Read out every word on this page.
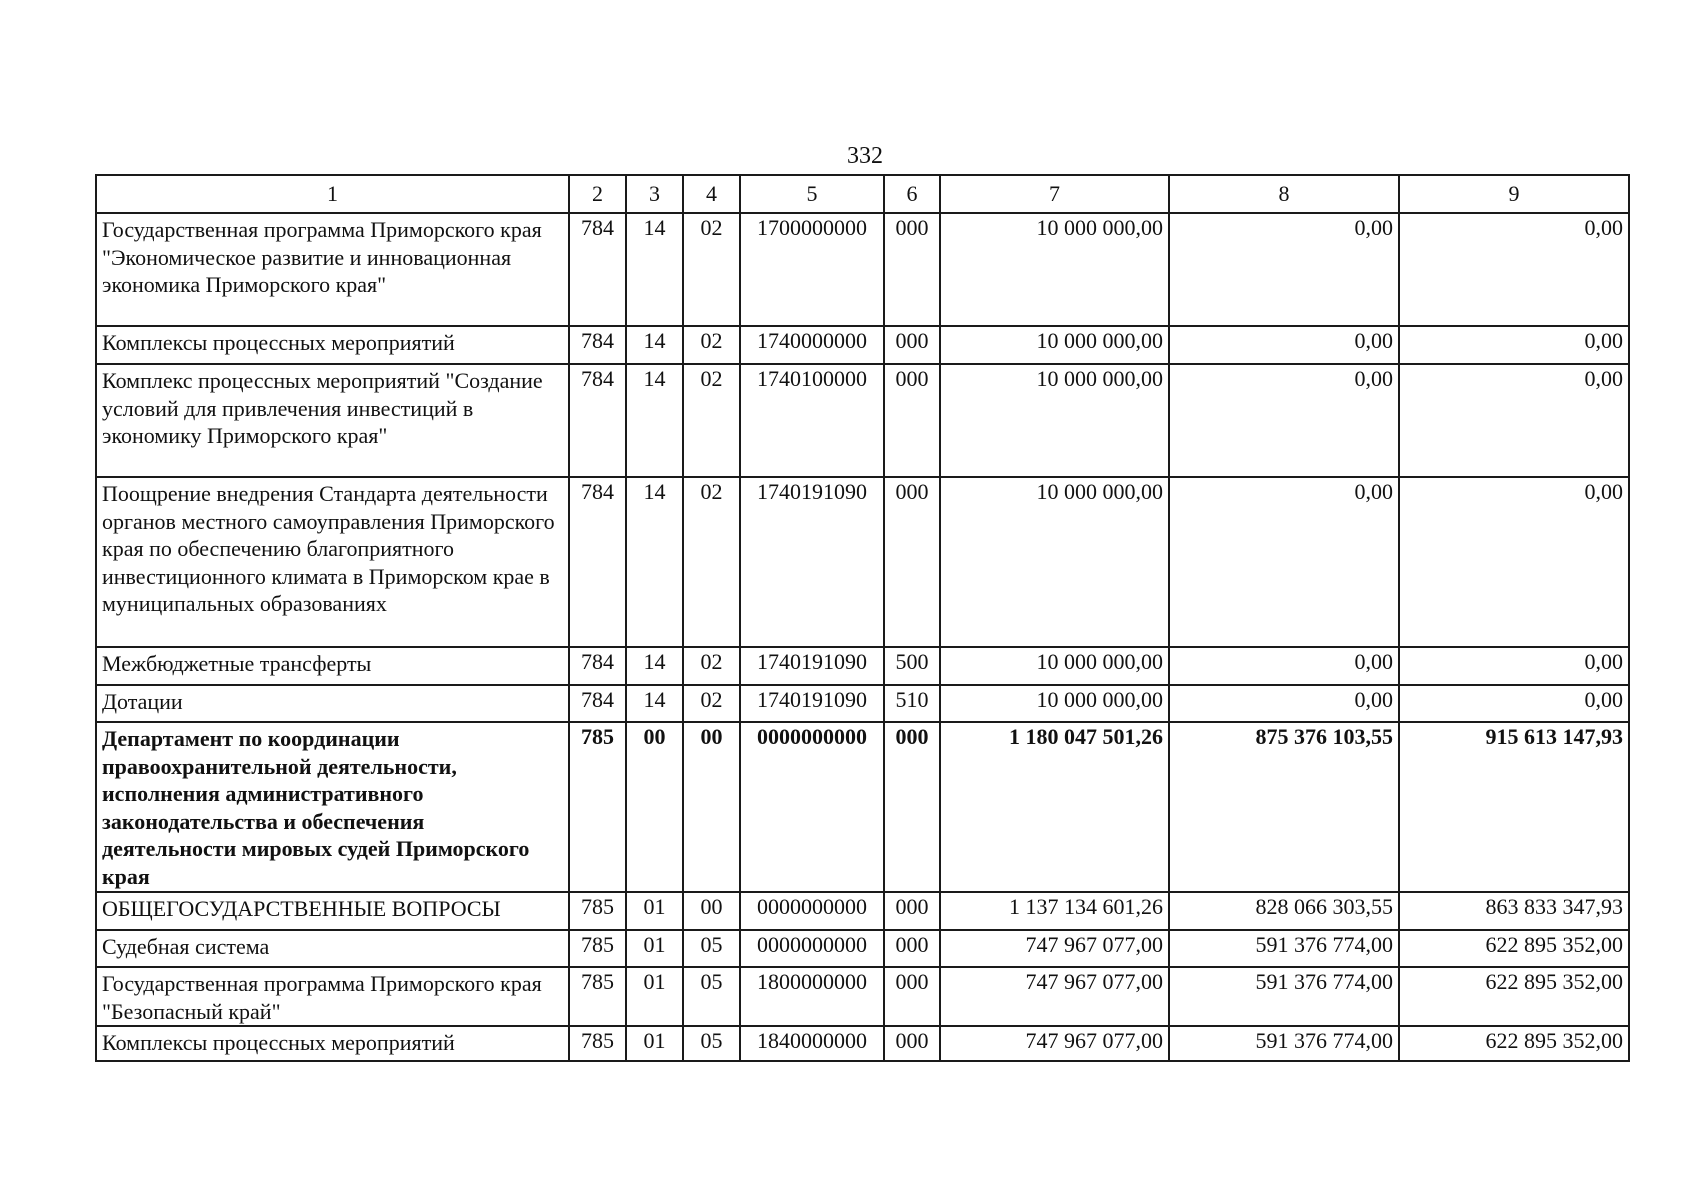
332
1	2	3	4	5	6	7	8	9

Государственная программа Приморского края "Экономическое развитие и инновационная экономика Приморского края"	784	14	02	1700000000	000	10 000 000,00	0,00	0,00

Комплексы процессных мероприятий	784	14	02	1740000000	000	10 000 000,00	0,00	0,00

Комплекс процессных мероприятий "Создание условий для привлечения инвестиций в экономику Приморского края"	784	14	02	1740100000	000	10 000 000,00	0,00	0,00

Поощрение внедрения Стандарта деятельности органов местного самоуправления Приморского края по обеспечению благоприятного инвестиционного климата в Приморском крае в муниципальных образованиях	784	14	02	1740191090	000	10 000 000,00	0,00	0,00

Межбюджетные трансферты	784	14	02	1740191090	500	10 000 000,00	0,00	0,00

Дотации	784	14	02	1740191090	510	10 000 000,00	0,00	0,00

Департамент по координации правоохранительной деятельности, исполнения административного законодательства и обеспечения деятельности мировых судей Приморского края	785	00	00	0000000000	000	1 180 047 501,26	875 376 103,55	915 613 147,93

ОБЩЕГОСУДАРСТВЕННЫЕ ВОПРОСЫ	785	01	00	0000000000	000	1 137 134 601,26	828 066 303,55	863 833 347,93

Судебная система	785	01	05	0000000000	000	747 967 077,00	591 376 774,00	622 895 352,00

Государственная программа Приморского края "Безопасный край"	785	01	05	1800000000	000	747 967 077,00	591 376 774,00	622 895 352,00

Комплексы процессных мероприятий	785	01	05	1840000000	000	747 967 077,00	591 376 774,00	622 895 352,00
